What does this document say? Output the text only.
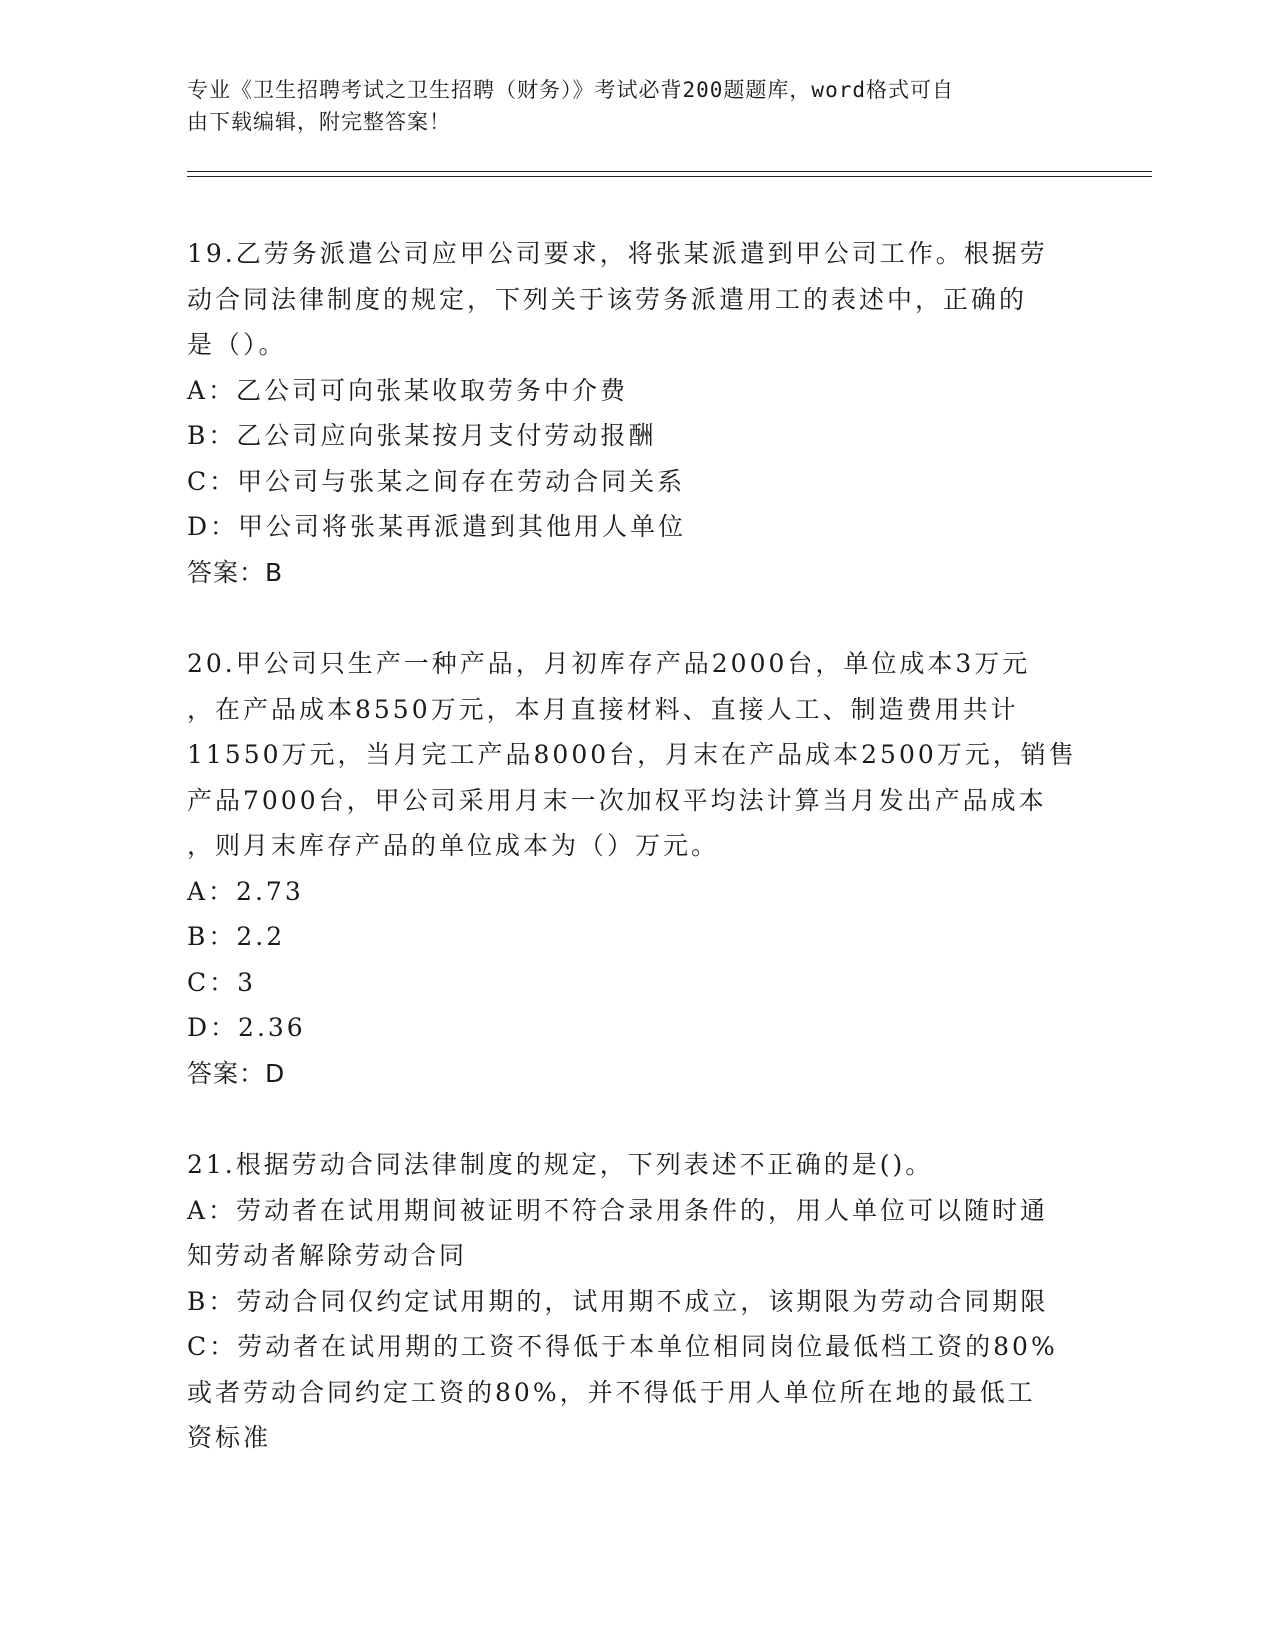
专业《卫生招聘考试之卫生招聘（财务）》考试必背200题题库，word格式可自
由下载编辑，附完整答案！
19.乙劳务派遣公司应甲公司要求，将张某派遣到甲公司工作。根据劳
动合同法律制度的规定，下列关于该劳务派遣用工的表述中，正确的
是（）。
A：乙公司可向张某收取劳务中介费
B：乙公司应向张某按月支付劳动报酬
C：甲公司与张某之间存在劳动合同关系
D：甲公司将张某再派遣到其他用人单位
答案：B
20.甲公司只生产一种产品，月初库存产品2000台，单位成本3万元
，在产品成本8550万元，本月直接材料、直接人工、制造费用共计
11550万元，当月完工产品8000台，月末在产品成本2500万元，销售
产品7000台，甲公司采用月末一次加权平均法计算当月发出产品成本
，则月末库存产品的单位成本为（）万元。
A：2.73
B：2.2
C：3
D：2.36
答案：D
21.根据劳动合同法律制度的规定，下列表述不正确的是()。
A：劳动者在试用期间被证明不符合录用条件的，用人单位可以随时通
知劳动者解除劳动合同
B：劳动合同仅约定试用期的，试用期不成立，该期限为劳动合同期限
C：劳动者在试用期的工资不得低于本单位相同岗位最低档工资的80%
或者劳动合同约定工资的80%，并不得低于用人单位所在地的最低工
资标准
